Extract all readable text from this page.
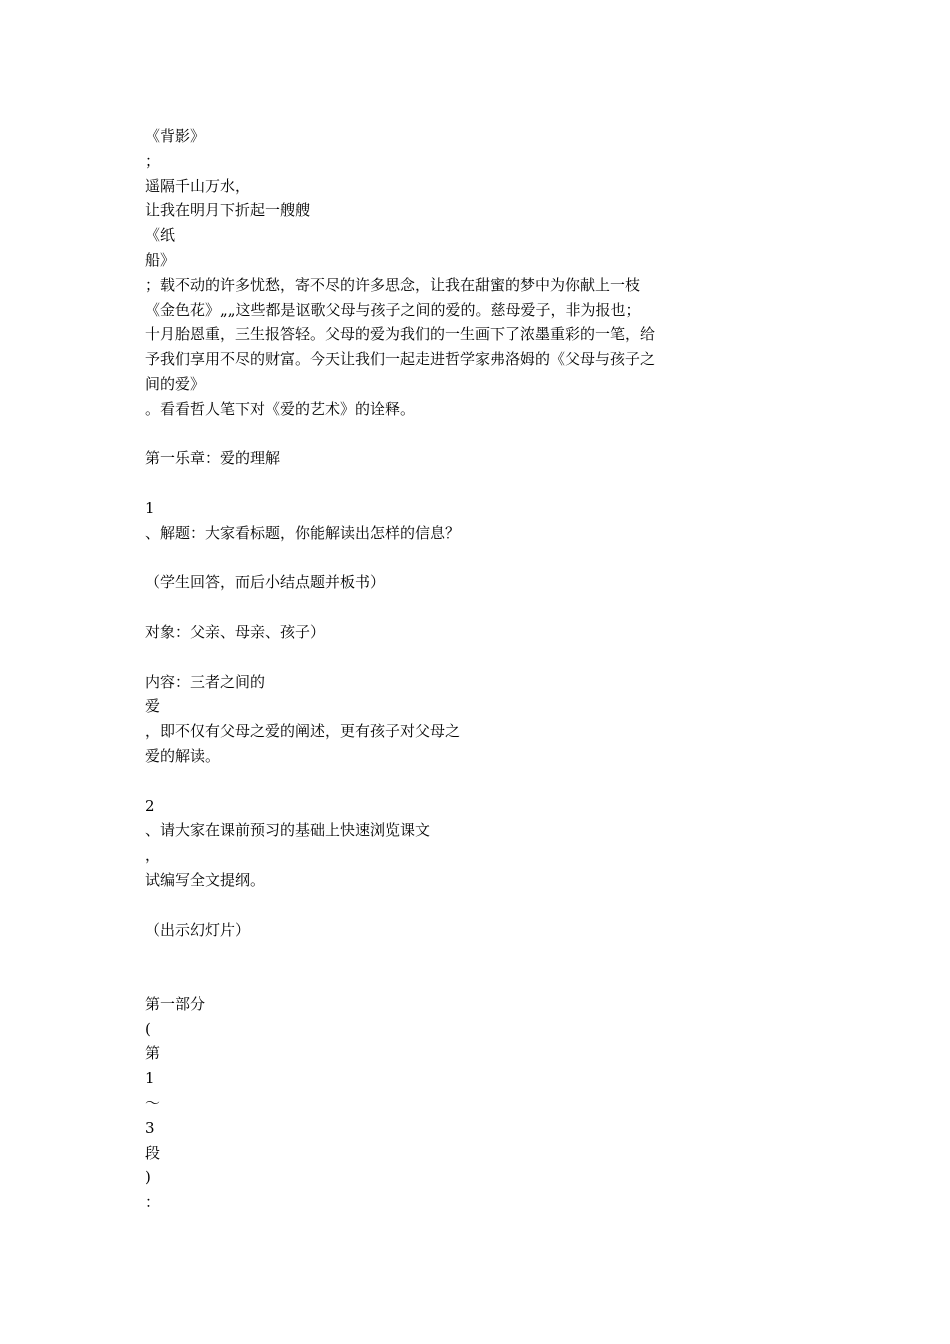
《背影》
；
遥隔千山万水，
让我在明月下折起一艘艘
《纸
船》
；载不动的许多忧愁，寄不尽的许多思念，让我在甜蜜的梦中为你献上一枝
《金色花》„„这些都是讴歌父母与孩子之间的爱的。慈母爱子，非为报也；
十月胎恩重，三生报答轻。父母的爱为我们的一生画下了浓墨重彩的一笔，给
予我们享用不尽的财富。今天让我们一起走进哲学家弗洛姆的《父母与孩子之
间的爱》
。看看哲人笔下对《爱的艺术》的诠释。
第一乐章：爱的理解
1
、解题：大家看标题，你能解读出怎样的信息？
（学生回答，而后小结点题并板书）
对象：父亲、母亲、孩子）
内容：三者之间的
爱
，即不仅有父母之爱的阐述，更有孩子对父母之
爱的解读。
2
、请大家在课前预习的基础上快速浏览课文
，
试编写全文提纲。
（出示幻灯片）
第一部分
(
第
1
～
3
段
)
：
